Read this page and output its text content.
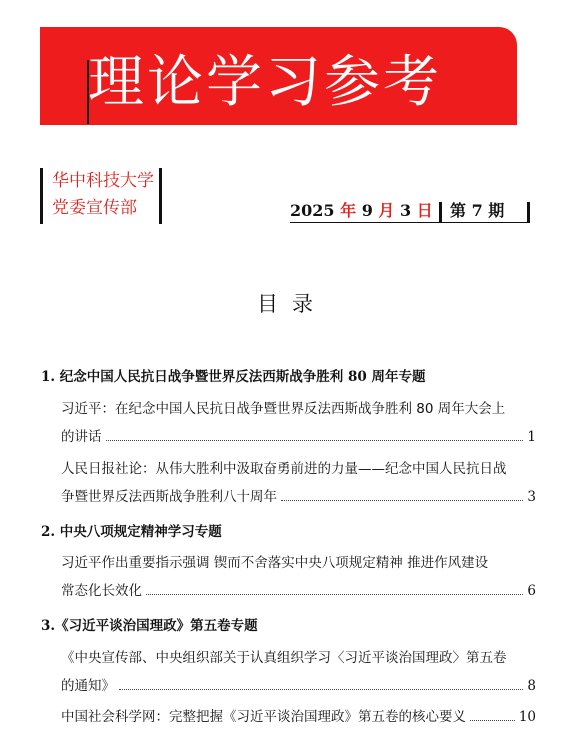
理论学习参考
华中科技大学
党委宣传部	2025 年 9 月 3 日 第 7 期
目录
1. 纪念中国人民抗日战争暨世界反法西斯战争胜利 80 周年专题
习近平：在纪念中国人民抗日战争暨世界反法西斯战争胜利 80 周年大会上
的讲话	1
人民日报社论：从伟大胜利中汲取奋勇前进的力量——纪念中国人民抗日战
争暨世界反法西斯战争胜利八十周年	3
2. 中央八项规定精神学习专题
习近平作出重要指示强调 锲而不舍落实中央八项规定精神 推进作风建设
常态化长效化	6
3.《习近平谈治国理政》第五卷专题
《中央宣传部、中央组织部关于认真组织学习〈习近平谈治国理政〉第五卷
的通知》	8
中国社会科学网：完整把握《习近平谈治国理政》第五卷的核心要义	10
